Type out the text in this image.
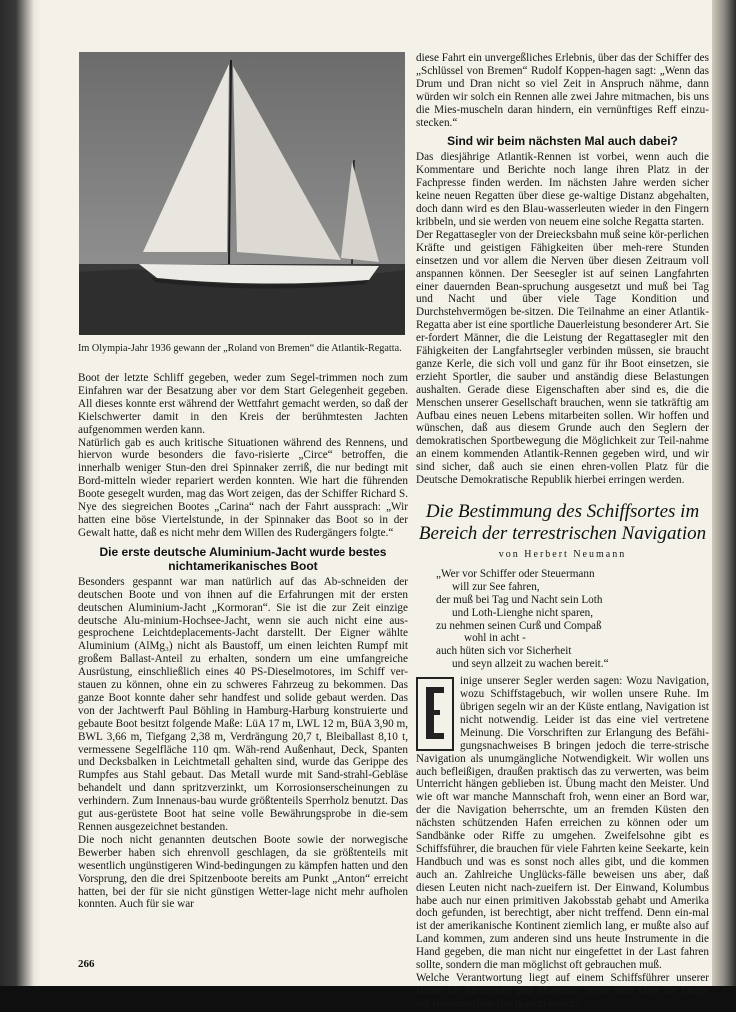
Im Olympia-Jahr 1936 gewann der „Roland von Bremen“ die Atlantik-Regatta.

Boot der letzte Schliff gegeben, weder zum Segel-trimmen noch zum Einfahren war der Besatzung aber vor dem Start Gelegenheit gegeben. All dieses konnte erst während der Wettfahrt gemacht werden, so daß der Kielschwerter damit in den Kreis der berühmtesten Jachten aufgenommen werden kann.

Natürlich gab es auch kritische Situationen während des Rennens, und hiervon wurde besonders die favo-risierte „Circe“ betroffen, die innerhalb weniger Stun-den drei Spinnaker zerriß, die nur bedingt mit Bord-mitteln wieder repariert werden konnten. Wie hart die führenden Boote gesegelt wurden, mag das Wort zeigen, das der Schiffer Richard S. Nye des siegreichen Bootes „Carina“ nach der Fahrt aussprach: „Wir hatten eine böse Viertelstunde, in der Spinnaker das Boot so in der Gewalt hatte, daß es nicht mehr dem Willen des Rudergängers folgte.“

Die erste deutsche Aluminium-Jacht wurde bestes nichtamerikanisches Boot

Besonders gespannt war man natürlich auf das Ab-schneiden der deutschen Boote und von ihnen auf die Erfahrungen mit der ersten deutschen Aluminium-Jacht „Kormoran“. Sie ist die zur Zeit einzige deutsche Alu-minium-Hochsee-Jacht, wenn sie auch nicht eine aus-gesprochene Leichtdeplacements-Jacht darstellt. Der Eigner wählte Aluminium (AlMg₃) nicht als Baustoff, um einen leichten Rumpf mit großem Ballast-Anteil zu erhalten, sondern um eine umfangreiche Ausrüstung, einschließlich eines 40 PS-Dieselmotores, im Schiff ver-stauen zu können, ohne ein zu schweres Fahrzeug zu bekommen. Das ganze Boot konnte daher sehr handfest und solide gebaut werden. Das von der Jachtwerft Paul Böhling in Hamburg-Harburg konstruierte und gebaute Boot besitzt folgende Maße: LüA 17 m, LWL 12 m, BüA 3,90 m, BWL 3,66 m, Tiefgang 2,38 m, Verdrängung 20,7 t, Bleiballast 8,10 t, vermessene Segelfläche 110 qm. Wäh-rend Außenhaut, Deck, Spanten und Decksbalken in Leichtmetall gehalten sind, wurde das Gerippe des Rumpfes aus Stahl gebaut. Das Metall wurde mit Sand-strahl-Gebläse behandelt und dann spritzverzinkt, um Korrosionserscheinungen zu verhindern. Zum Innenaus-bau wurde größtenteils Sperrholz benutzt. Das gut aus-gerüstete Boot hat seine volle Bewährungsprobe in die-sem Rennen ausgezeichnet bestanden.

Die noch nicht genannten deutschen Boote sowie der norwegische Bewerber haben sich ehrenvoll geschlagen, da sie größtenteils mit wesentlich ungünstigeren Wind-bedingungen zu kämpfen hatten und den Vorsprung, den die drei Spitzenboote bereits am Punkt „Anton“ erreicht hatten, bei der für sie nicht günstigen Wetter-lage nicht mehr aufholen konnten. Auch für sie war

diese Fahrt ein unvergeßliches Erlebnis, über das der Schiffer des „Schlüssel von Bremen“ Rudolf Koppen-hagen sagt: „Wenn das Drum und Dran nicht so viel Zeit in Anspruch nähme, dann würden wir solch ein Rennen alle zwei Jahre mitmachen, bis uns die Mies-muscheln daran hindern, ein vernünftiges Reff einzu-stecken.“

Sind wir beim nächsten Mal auch dabei?

Das diesjährige Atlantik-Rennen ist vorbei, wenn auch die Kommentare und Berichte noch lange ihren Platz in der Fachpresse finden werden. Im nächsten Jahre werden sicher keine neuen Regatten über diese ge-waltige Distanz abgehalten, doch dann wird es den Blau-wasserleuten wieder in den Fingern kribbeln, und sie werden von neuem eine solche Regatta starten.

Der Regattasegler von der Dreiecksbahn muß seine kör-perlichen Kräfte und geistigen Fähigkeiten über meh-rere Stunden einsetzen und vor allem die Nerven über diesen Zeitraum voll anspannen können. Der Seesegler ist auf seinen Langfahrten einer dauernden Bean-spruchung ausgesetzt und muß bei Tag und Nacht und über viele Tage Kondition und Durchstehvermögen be-sitzen. Die Teilnahme an einer Atlantik-Regatta aber ist eine sportliche Dauerleistung besonderer Art. Sie er-fordert Männer, die die Leistung der Regattasegler mit den Fähigkeiten der Langfahrtsegler verbinden müssen, sie braucht ganze Kerle, die sich voll und ganz für ihr Boot einsetzen, sie erzieht Sportler, die sauber und anständig diese Belastungen aushalten. Gerade diese Eigenschaften aber sind es, die die Menschen unserer Gesellschaft brauchen, wenn sie tatkräftig am Aufbau eines neuen Lebens mitarbeiten sollen. Wir hoffen und wünschen, daß aus diesem Grunde auch den Seglern der demokratischen Sportbewegung die Möglichkeit zur Teil-nahme an einem kommenden Atlantik-Rennen gegeben wird, und wir sind sicher, daß auch sie einen ehren-vollen Platz für die Deutsche Demokratische Republik hierbei erringen werden.

Die Bestimmung des Schiffsortes im Bereich der terrestrischen Navigation
von Herbert Neumann
„Wer vor Schiffer oder Steuermann
will zur See fahren,
der muß bei Tag und Nacht sein Loth
und Loth-Lienghe nicht sparen,
zu nehmen seinen Curß und Compaß
wohl in acht -
auch hüten sich vor Sicherheit
und seyn allzeit zu wachen bereit.“

inige unserer Segler werden sagen: Wozu Navigation, wozu Schiffstagebuch, wir wollen unsere Ruhe. Im übrigen segeln wir an der Küste entlang, Navigation ist nicht notwendig. Leider ist das eine viel vertretene Meinung. Die Vorschriften zur Erlangung des Befähi-gungsnachweises B bringen jedoch die terre-strische Navigation als unumgängliche Notwendigkeit. Wir wollen uns auch befleißigen, draußen praktisch das zu verwerten, was beim Unterricht hängen geblieben ist. Übung macht den Meister. Und wie oft war manche Mannschaft froh, wenn einer an Bord war, der die Navigation beherrschte, um an fremden Küsten den nächsten schützenden Hafen erreichen zu können oder um Sandbänke oder Riffe zu umgehen. Zweifelsohne gibt es Schiffsführer, die brauchen für viele Fahrten keine Seekarte, kein Handbuch und was es sonst noch alles gibt, und die kommen auch an. Zahlreiche Unglücks-fälle beweisen uns aber, daß diesen Leuten nicht nach-zueifern ist. Der Einwand, Kolumbus habe auch nur einen primitiven Jakobsstab gehabt und Amerika doch gefunden, ist berechtigt, aber nicht treffend. Denn ein-mal ist der amerikanische Kontinent ziemlich lang, er mußte also auf Land kommen, zum anderen sind uns heute Instrumente in die Hand gegeben, die man nicht nur eingefettet in der Last fahren sollte, sondern die man möglichst oft gebrauchen muß.

Welche Verantwortung liegt auf einem Schiffsführer unserer Boote für Menschen und Material? Wenn man über die Dinge der terrestrischen Navigation spricht,

266
